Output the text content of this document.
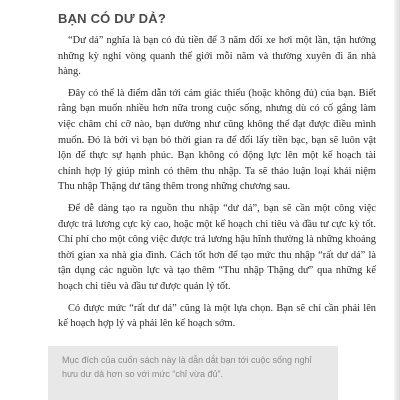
BẠN CÓ DƯ DẢ?

“Dư dả” nghĩa là bạn có đủ tiền để 3 năm đổi xe hơi một lần, tận hưởng những kỳ nghỉ vòng quanh thế giới mỗi năm và thường xuyên đi ăn nhà hàng.

Đây có thể là điểm dẫn tới cảm giác thiếu (hoặc không đủ) của bạn. Biết rằng bạn muốn nhiều hơn nữa trong cuộc sống, nhưng dù có cố gắng làm việc chăm chỉ cỡ nào, bạn dường như cũng không thể đạt được điều mình muốn. Đó là bởi vì bạn bỏ thời gian ra để đổi lấy tiền bạc, bạn sẽ luôn vật lộn để thực sự hạnh phúc. Bạn không có động lực lên một kế hoạch tài chính hợp lý giúp mình có thêm thu nhập. Ta sẽ thảo luận loại khái niệm Thu nhập Thặng dư tăng thêm trong những chương sau.

Để dễ dàng tạo ra nguồn thu nhập “dư dả”, bạn sẽ cần một công việc được trả lương cực kỳ cao, hoặc một kế hoạch chi tiêu và đầu tư cực kỳ tốt. Chỉ phí cho một công việc được trả lương hậu hĩnh thường là những khoảng thời gian xa nhà gia đình. Cách tốt hơn để tạo mức thu nhập “rất dư dả” là tận dụng các nguồn lực và tạo thêm “Thu nhập Thặng dư” qua những kế hoạch chi tiêu và đầu tư được quản lý tốt.

Có được mức “rất dư dả” cũng là một lựa chọn. Bạn sẽ chỉ cần phải lên kế hoạch hợp lý và phải lên kế hoạch sớm.

Mục đích của cuốn sách này là dẫn dắt bạn tới cuộc sống nghỉ hưu dư dả hơn so với mức “chỉ vừa đủ”.
